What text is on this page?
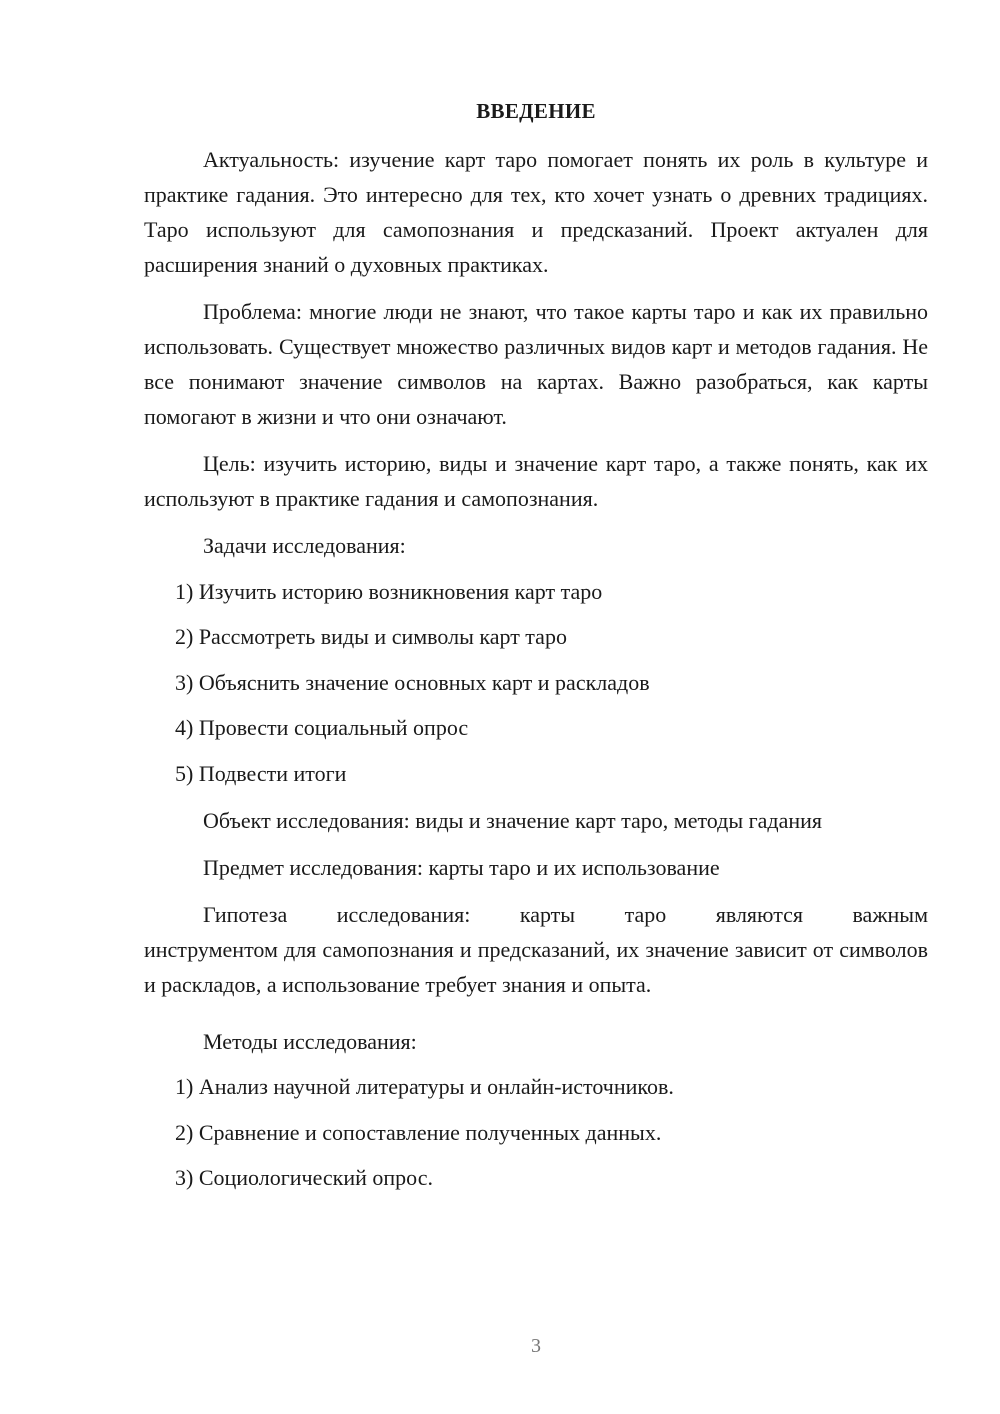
ВВЕДЕНИЕ

Актуальность: изучение карт таро помогает понять их роль в культуре и практике гадания. Это интересно для тех, кто хочет узнать о древних традициях. Таро используют для самопознания и предсказаний. Проект актуален для расширения знаний о духовных практиках.

Проблема: многие люди не знают, что такое карты таро и как их правильно использовать. Существует множество различных видов карт и методов гадания. Не все понимают значение символов на картах. Важно разобраться, как карты помогают в жизни и что они означают.

Цель: изучить историю, виды и значение карт таро, а также понять, как их используют в практике гадания и самопознания.

Задачи исследования:

1) Изучить историю возникновения карт таро

2) Рассмотреть виды и символы карт таро

3) Объяснить значение основных карт и раскладов

4) Провести социальный опрос

5) Подвести итоги

Объект исследования: виды и значение карт таро, методы гадания

Предмет исследования: карты таро и их использование

Гипотеза исследования: карты таро являются важным

инструментом для самопознания и предсказаний, их значение зависит от символов и раскладов, а использование требует знания и опыта.

Методы исследования:

1) Анализ научной литературы и онлайн-источников.

2) Сравнение и сопоставление полученных данных.

3) Социологический опрос.

3
